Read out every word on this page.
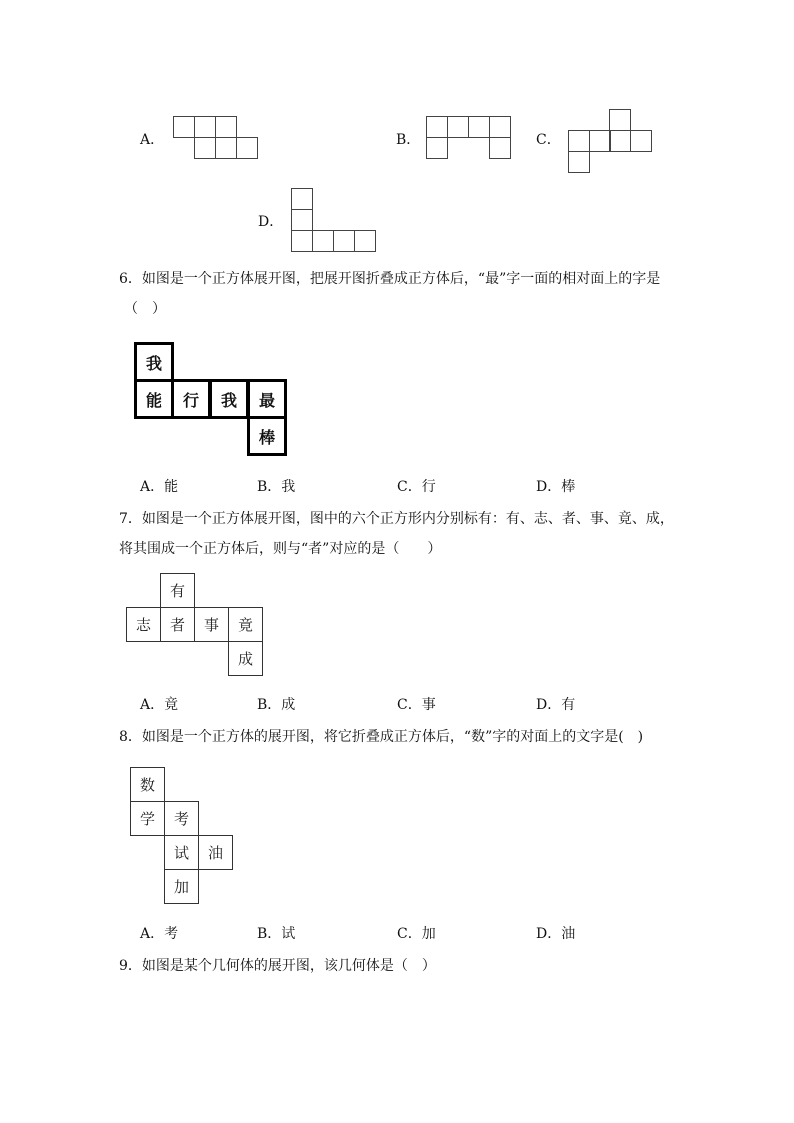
A．	B．	C．
D．
6．如图是一个正方体展开图，把展开图折叠成正方体后，“最”字一面的相对面上的字是
（　）
我
能	行	我	最
棒
A．能	B．我	C．行	D．棒
7．如图是一个正方体展开图，图中的六个正方形内分别标有：有、志、者、事、竟、成，
将其围成一个正方体后，则与“者”对应的是（　　）
有
志	者	事	竟
成
A．竟	B．成	C．事	D．有
8．如图是一个正方体的展开图，将它折叠成正方体后，“数”字的对面上的文字是(　)
数
学	考
试	油
加
A．考	B．试	C．加	D．油
9．如图是某个几何体的展开图，该几何体是（　）
